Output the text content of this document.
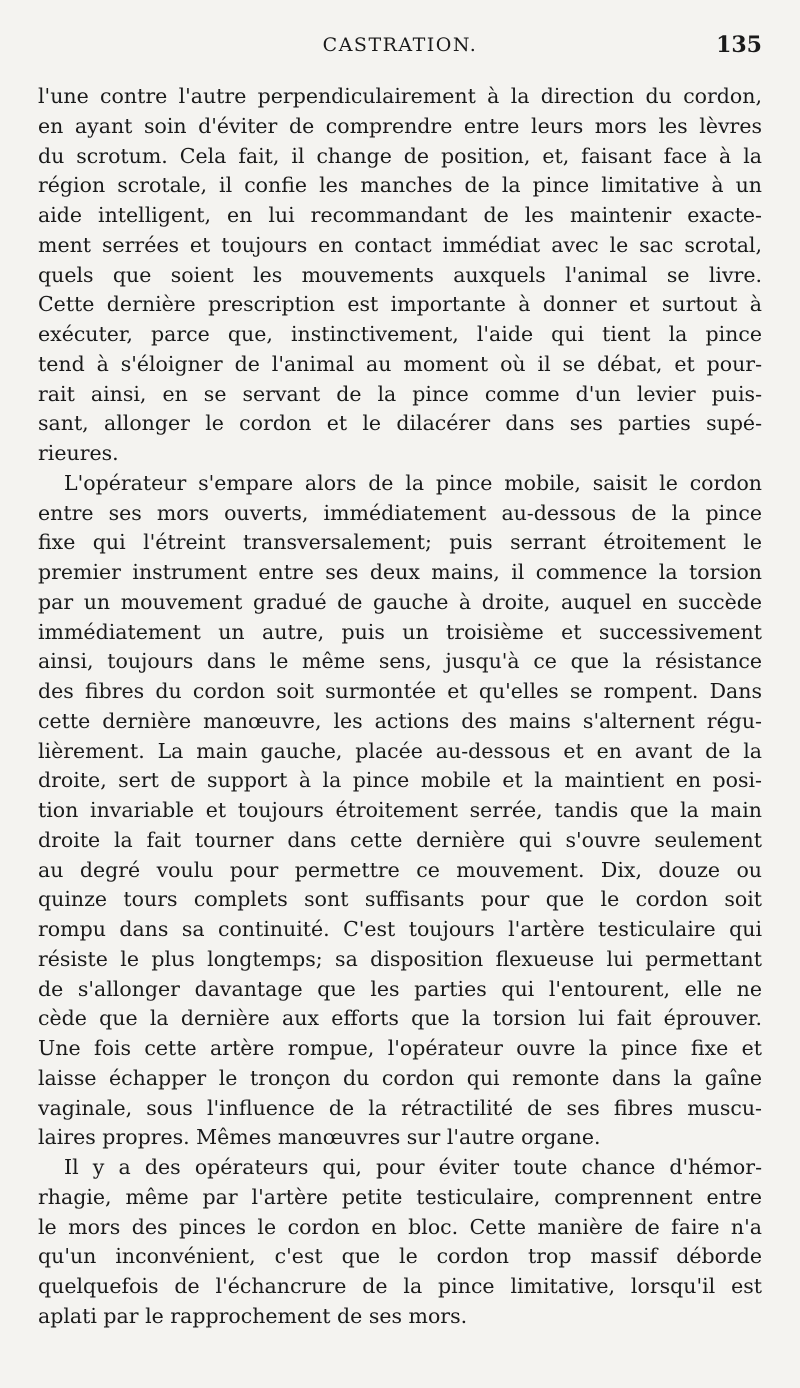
CASTRATION.	135
l'une contre l'autre perpendiculairement à la direction du cordon,
en ayant soin d'éviter de comprendre entre leurs mors les lèvres
du scrotum. Cela fait, il change de position, et, faisant face à la
région scrotale, il confie les manches de la pince limitative à un
aide intelligent, en lui recommandant de les maintenir exacte-
ment serrées et toujours en contact immédiat avec le sac scrotal,
quels que soient les mouvements auxquels l'animal se livre.
Cette dernière prescription est importante à donner et surtout à
exécuter, parce que, instinctivement, l'aide qui tient la pince
tend à s'éloigner de l'animal au moment où il se débat, et pour-
rait ainsi, en se servant de la pince comme d'un levier puis-
sant, allonger le cordon et le dilacérer dans ses parties supé-
rieures.
L'opérateur s'empare alors de la pince mobile, saisit le cordon
entre ses mors ouverts, immédiatement au-dessous de la pince
fixe qui l'étreint transversalement; puis serrant étroitement le
premier instrument entre ses deux mains, il commence la torsion
par un mouvement gradué de gauche à droite, auquel en succède
immédiatement un autre, puis un troisième et successivement
ainsi, toujours dans le même sens, jusqu'à ce que la résistance
des fibres du cordon soit surmontée et qu'elles se rompent. Dans
cette dernière manœuvre, les actions des mains s'alternent régu-
lièrement. La main gauche, placée au-dessous et en avant de la
droite, sert de support à la pince mobile et la maintient en posi-
tion invariable et toujours étroitement serrée, tandis que la main
droite la fait tourner dans cette dernière qui s'ouvre seulement
au degré voulu pour permettre ce mouvement. Dix, douze ou
quinze tours complets sont suffisants pour que le cordon soit
rompu dans sa continuité. C'est toujours l'artère testiculaire qui
résiste le plus longtemps; sa disposition flexueuse lui permettant
de s'allonger davantage que les parties qui l'entourent, elle ne
cède que la dernière aux efforts que la torsion lui fait éprouver.
Une fois cette artère rompue, l'opérateur ouvre la pince fixe et
laisse échapper le tronçon du cordon qui remonte dans la gaîne
vaginale, sous l'influence de la rétractilité de ses fibres muscu-
laires propres. Mêmes manœuvres sur l'autre organe.
Il y a des opérateurs qui, pour éviter toute chance d'hémor-
rhagie, même par l'artère petite testiculaire, comprennent entre
le mors des pinces le cordon en bloc. Cette manière de faire n'a
qu'un inconvénient, c'est que le cordon trop massif déborde
quelquefois de l'échancrure de la pince limitative, lorsqu'il est
aplati par le rapprochement de ses mors.
